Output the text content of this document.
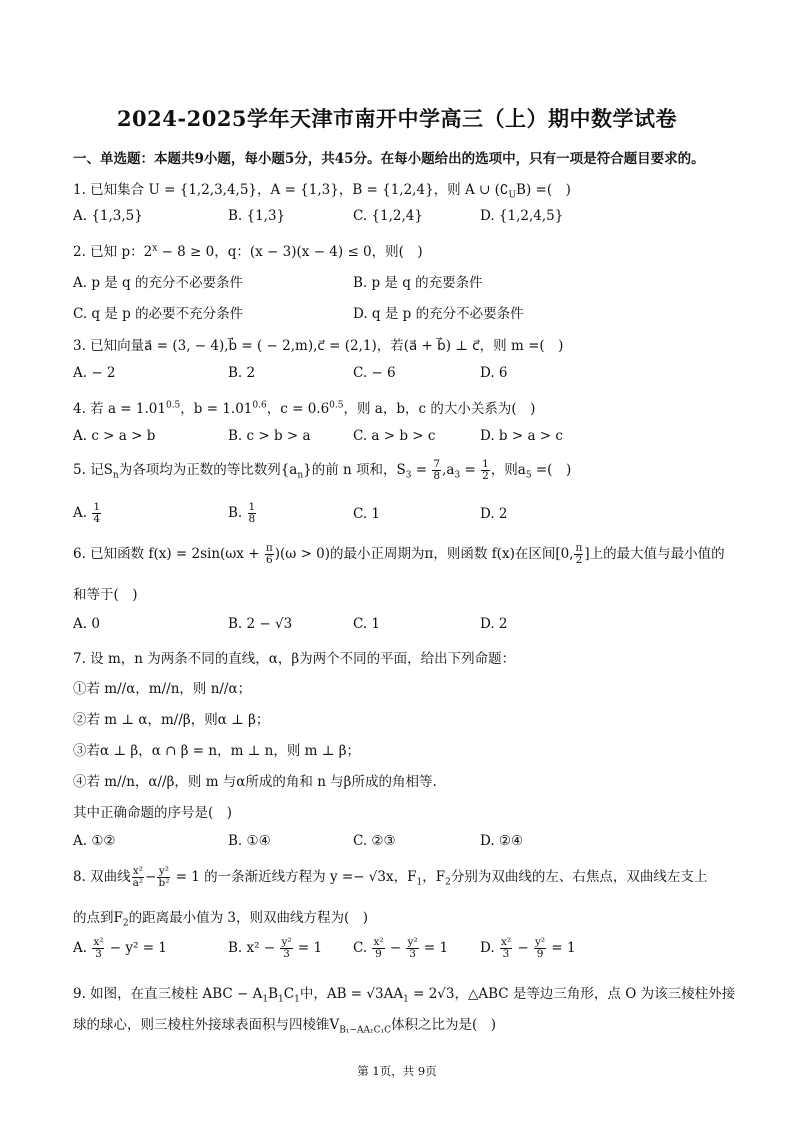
2024-2025学年天津市南开中学高三（上）期中数学试卷
一、单选题：本题共9小题，每小题5分，共45分。在每小题给出的选项中，只有一项是符合题目要求的。
1. 已知集合 U = {1,2,3,4,5}，A = {1,3}，B = {1,2,4}，则 A ∪ $(∁_UB)$ =(　)
A. {1,3,5}	B. {1,3}	C. {1,2,4}	D. {1,2,4,5}
2. 已知 p：$2^x - 8 \ge 0$，q：(x − 3)(x − 4) ≤ 0，则(　)
A. p 是 q 的充分不必要条件	B. p 是 q 的充要条件
C. q 是 p 的必要不充分条件	D. q 是 p 的充分不必要条件
3. 已知向量a⃗ = (3, − 4),b⃗ = ( − 2,m),c⃗ = (2,1)，若(a⃗ + b⃗) ⊥ c⃗，则 m =(　)
A. − 2	B. 2	C. − 6	D. 6
4. 若 $a = 1.01^{0.5}$，$b = 1.01^{0.6}$，$c = 0.6^{0.5}$，则 a，b，c 的大小关系为(　)
A. c > a > b	B. c > b > a	C. a > b > c	D. b > a > c
5. 记$S_n$为各项均为正数的等比数列$\{a_n\}$的前 n 项和，$S_3 = \frac{7}{8} ,a_3 = \frac{1}{2}$ ，则$a_5$ =(　)
A. $\frac{1}{4}$	B. $\frac{1}{8}$	C. 1	D. 2
6. 已知函数 $f(x) = 2\sin(\omega x + \frac{\pi}{6} )(\omega > 0)$的最小正周期为π，则函数 f(x)在区间[0, $\frac{\pi}{2}$ ]上的最大值与最小值的
和等于(　)
A. 0	B. 2 − √3	C. 1	D. 2
7. 设 m，n 为两条不同的直线，α，β为两个不同的平面，给出下列命题：
①若 m//α，m//n，则 n//α；
②若 m ⊥ α，m//β，则α ⊥ β；
③若α ⊥ β，α ∩ β = n，m ⊥ n，则 m ⊥ β；
④若 m//n，α//β，则 m 与α所成的角和 n 与β所成的角相等.
其中正确命题的序号是(　)
A. ①②	B. ①④	C. ②③	D. ②④
8. 双曲线 $\frac{\text{x²}}{\text{a²}} - \frac{\text{y²}}{\text{b²}} = 1$ 的一条渐近线方程为 y =− √3x，$F_1$，$F_2$分别为双曲线的左、右焦点，双曲线左支上
的点到$F_2$的距离最小值为 3，则双曲线方程为(　)
A. $\frac{\text{x²}}{3} - y^2 = 1$	B. $x^2 - \frac{\text{y²}}{3} = 1$ C. $\frac{\text{x²}}{9} - \frac{\text{y²}}{3} = 1$ D. $\frac{\text{x²}}{3} - \frac{\text{y²}}{9} = 1$
9. 如图，在直三棱柱 ABC − $A_1B_1C_1$中，AB = $√3AA_1 = 2√3$，△ABC 是等边三角形，点 O 为该三棱柱外接
球的球心，则三棱柱外接球表面积与四棱锥$V_{B_1-AA_1C_1C}$体积之比为是(　)
第 1页，共 9页
